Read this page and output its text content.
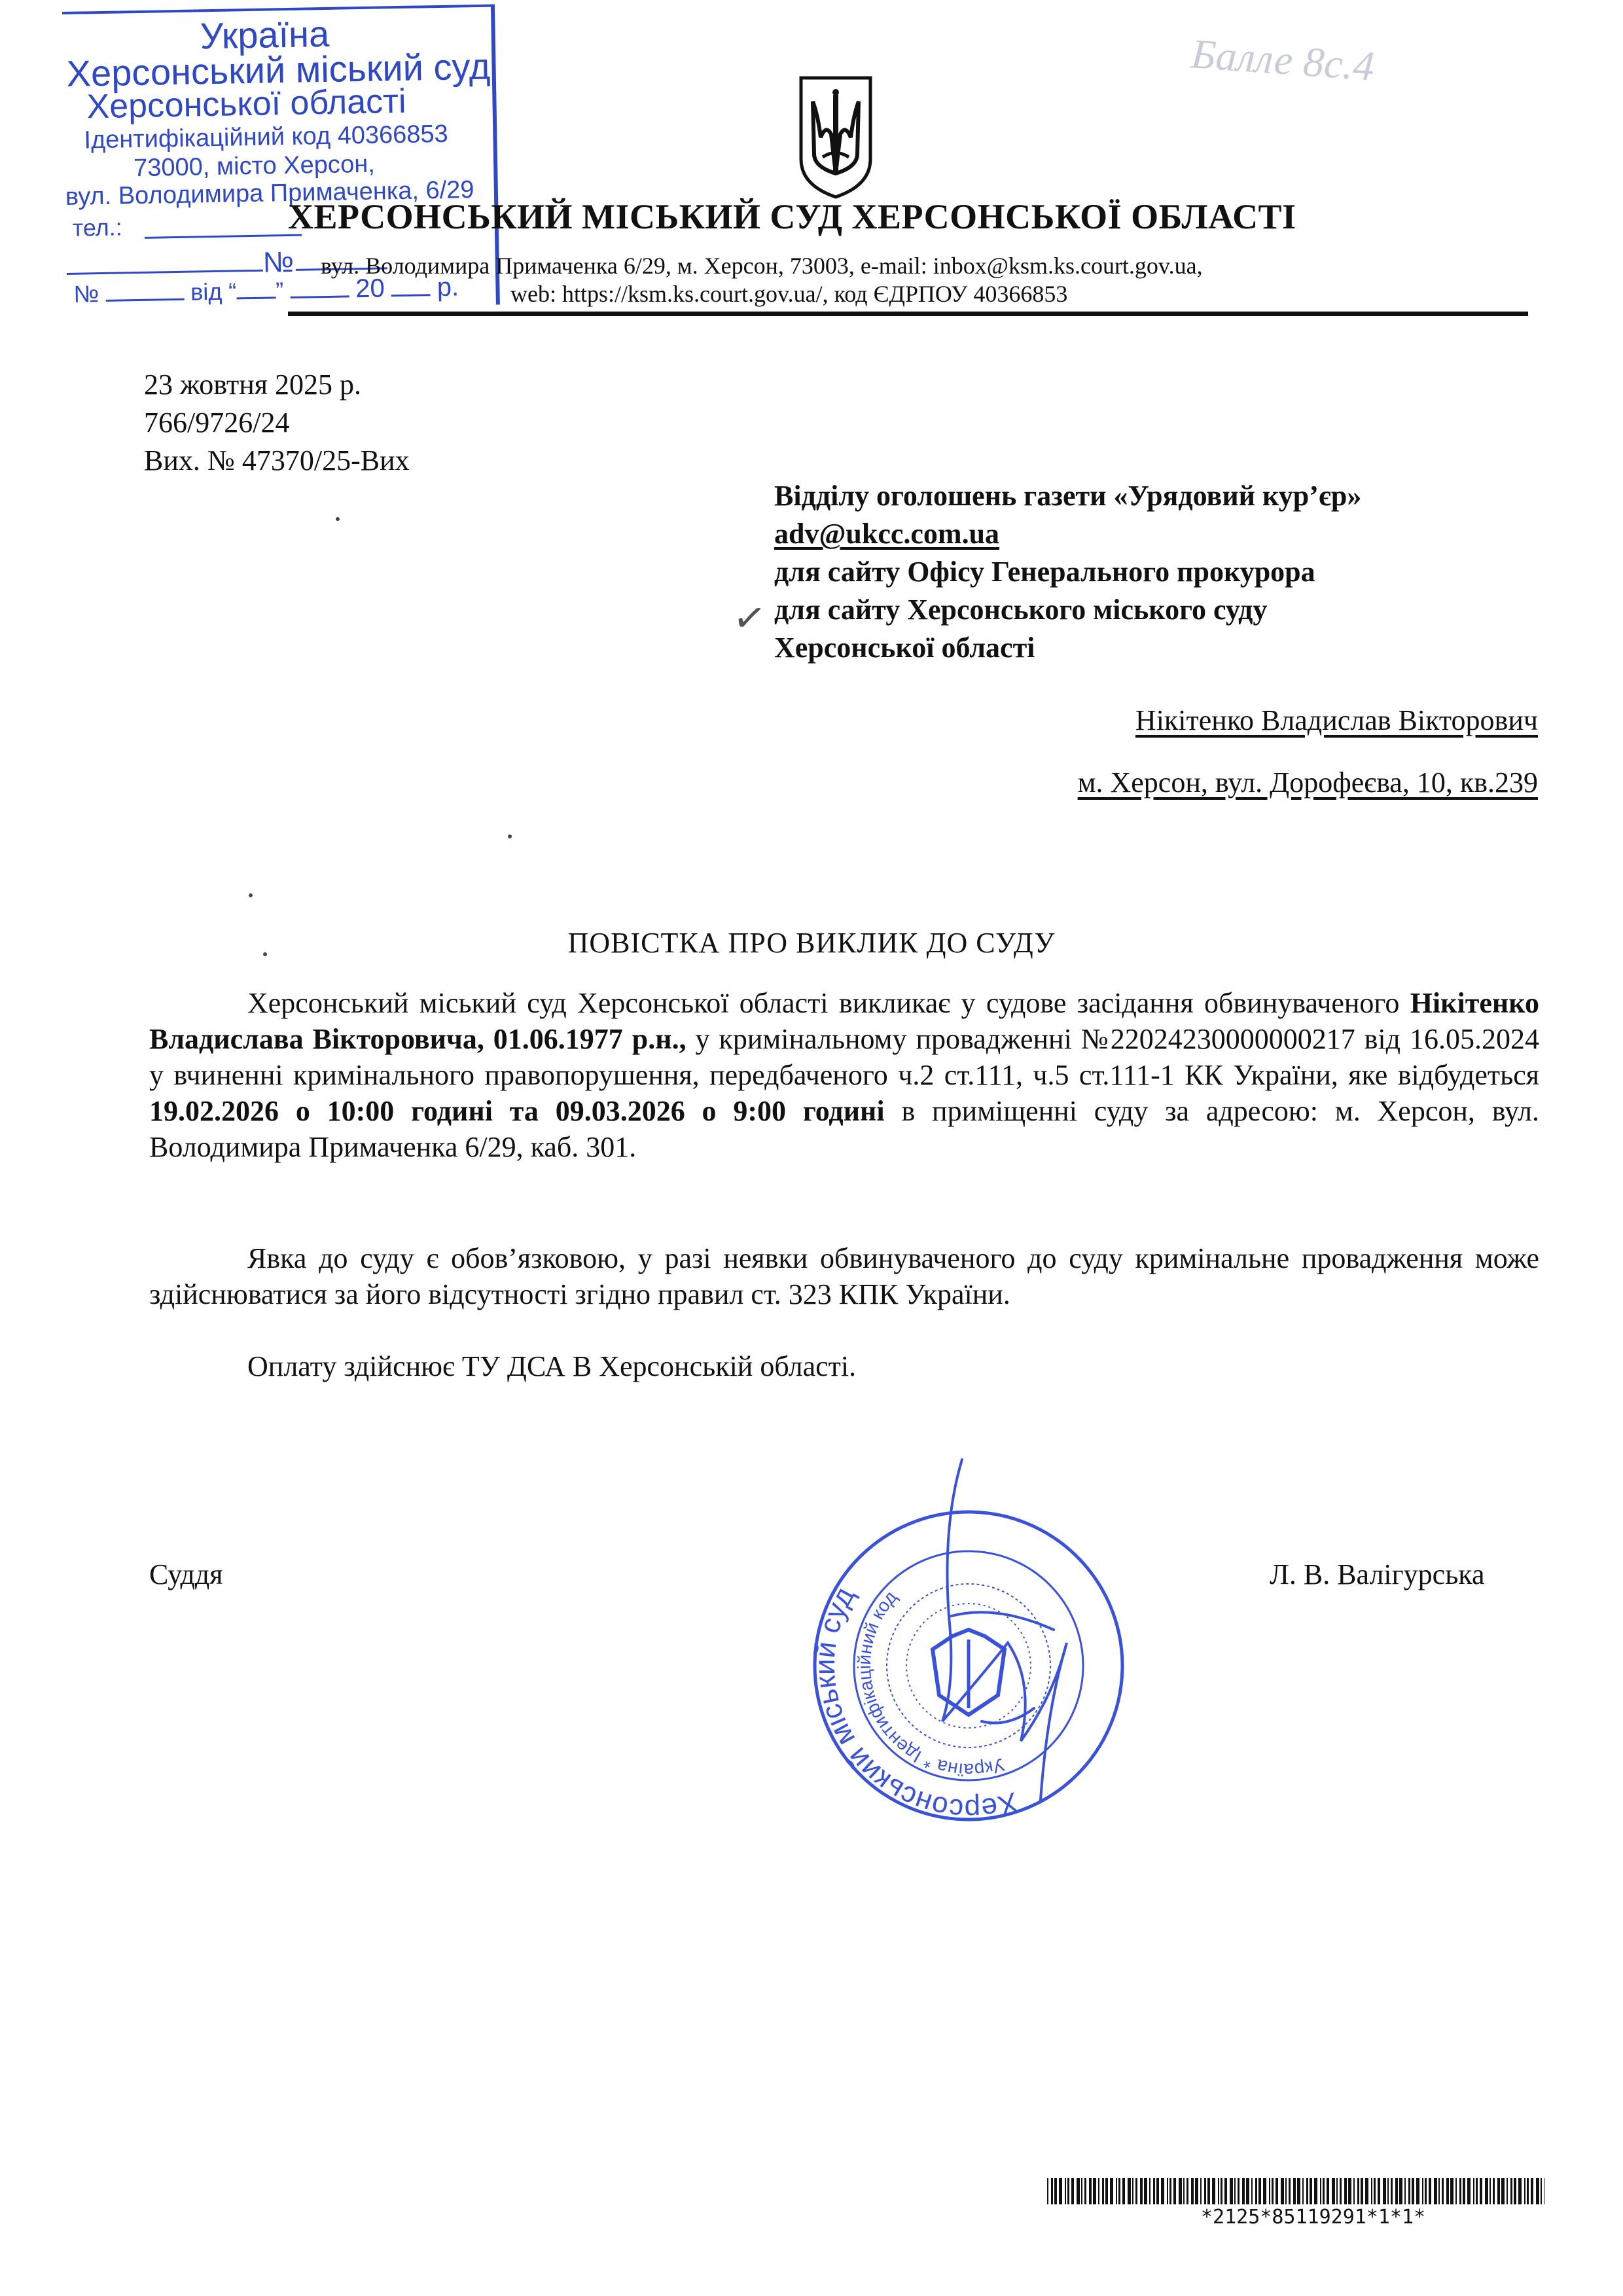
Україна
Херсонський міський суд
Херсонської області
Ідентифікаційний код 40366853
73000, місто Херсон,
вул. Володимира Примаченка, 6/29
тел.:
№
№	від “ ”	20 р.
Балле 8с.4
ХЕРСОНСЬКИЙ МІСЬКИЙ СУД ХЕРСОНСЬКОЇ ОБЛАСТІ
вул. Володимира Примаченка 6/29, м. Херсон, 73003, e-mail: inbox@ksm.ks.court.gov.ua,
web: https://ksm.ks.court.gov.ua/, код ЄДРПОУ 40366853
23 жовтня 2025 р.
766/9726/24
Вих. № 47370/25-Вих
Відділу оголошень газети «Урядовий кур’єр»
adv@ukcc.com.ua
для сайту Офісу Генерального прокурора
для сайту Херсонського міського суду
Херсонської області
✓
Нікітенко Владислав Вікторович
м. Херсон, вул. Дорофеєва, 10, кв.239
ПОВІСТКА ПРО ВИКЛИК ДО СУДУ

Херсонський міський суд Херсонської області викликає у судове засідання обвинуваченого Нікітенко Владислава Вікторовича, 01.06.1977 р.н., у кримінальному провадженні №22024230000000217 від 16.05.2024 у вчиненні кримінального правопорушення, передбаченого ч.2 ст.111, ч.5 ст.111-1 КК України, яке відбудеться 19.02.2026 о 10:00 годині та 09.03.2026 о 9:00 годині в приміщенні суду за адресою: м. Херсон, вул. Володимира Примаченка 6/29, каб. 301.

Явка до суду є обов’язковою, у разі неявки обвинуваченого до суду кримінальне провадження може здійснюватися за його відсутності згідно правил ст. 323 КПК України.

Оплату здійснює ТУ ДСА В Херсонській області.

Суддя	Л. В. Валігурська
Херсонський міський суд
Україна * Ідентифікаційний код
*2125*85119291*1*1*
